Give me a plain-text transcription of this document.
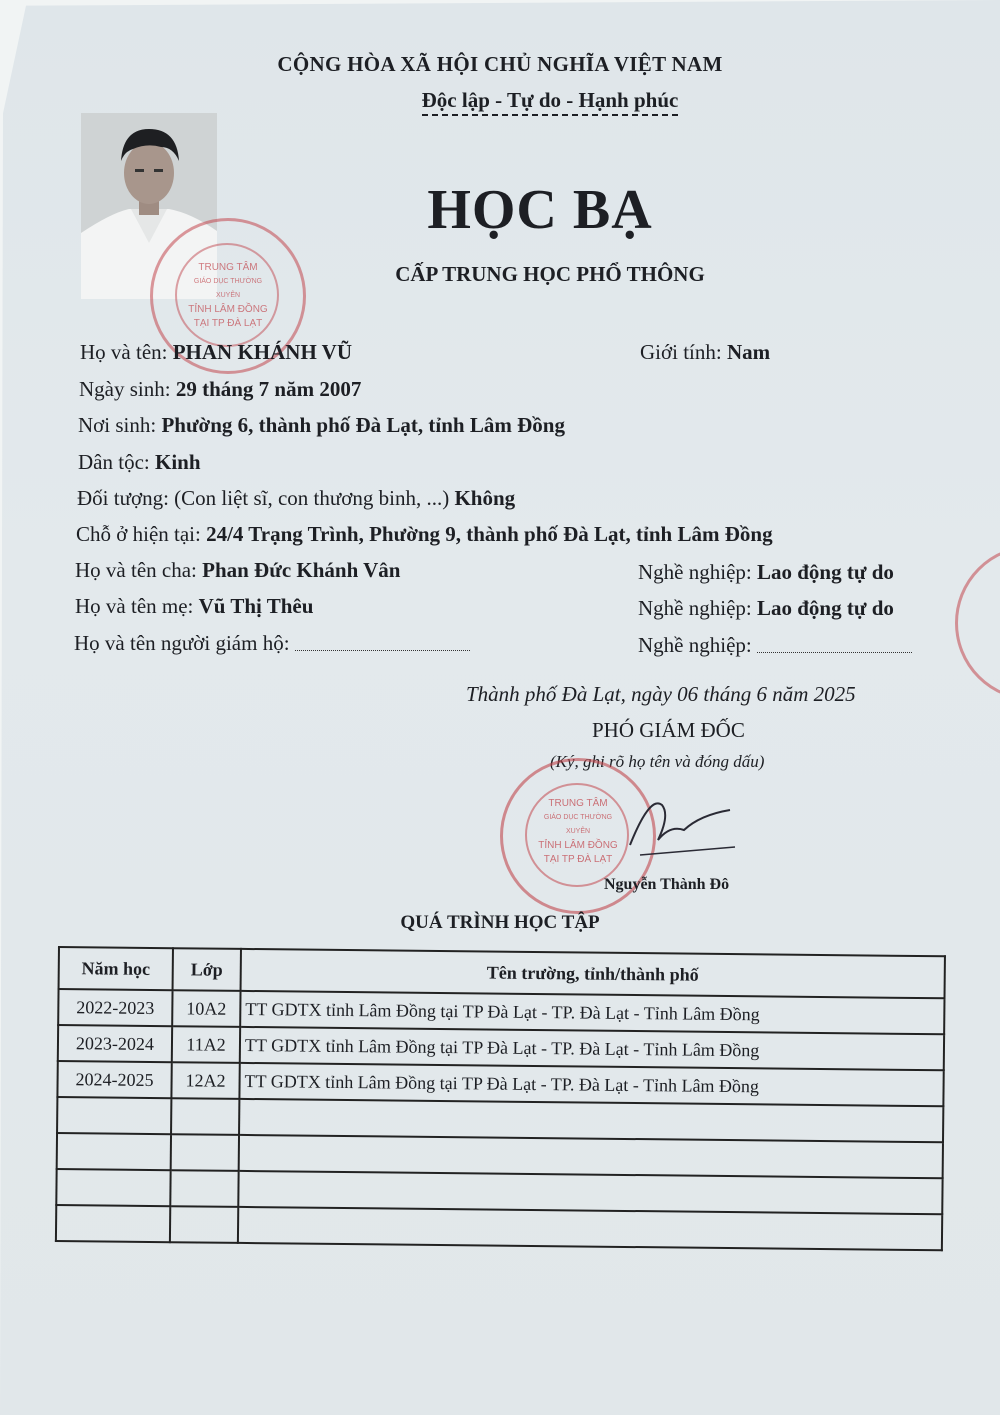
CỘNG HÒA XÃ HỘI CHỦ NGHĨA VIỆT NAM
Độc lập - Tự do - Hạnh phúc
TRUNG TÂM
GIÁO DỤC THƯỜNG XUYÊN
TỈNH LÂM ĐỒNG
TẠI TP ĐÀ LẠT
HỌC BẠ
CẤP TRUNG HỌC PHỔ THÔNG
Họ và tên: PHAN KHÁNH VŨ	Giới tính: Nam
Ngày sinh: 29 tháng 7 năm 2007
Nơi sinh: Phường 6, thành phố Đà Lạt, tỉnh Lâm Đồng
Dân tộc: Kinh
Đối tượng: (Con liệt sĩ, con thương binh, ...) Không
Chỗ ở hiện tại: 24/4 Trạng Trình, Phường 9, thành phố Đà Lạt, tỉnh Lâm Đồng
Họ và tên cha: Phan Đức Khánh Vân	Nghề nghiệp: Lao động tự do
Họ và tên mẹ: Vũ Thị Thêu	Nghề nghiệp: Lao động tự do
Họ và tên người giám hộ:	Nghề nghiệp:
Thành phố Đà Lạt, ngày 06 tháng 6 năm 2025
PHÓ GIÁM ĐỐC
(Ký, ghi rõ họ tên và đóng dấu)
TRUNG TÂM
GIÁO DỤC THƯỜNG XUYÊN
TỈNH LÂM ĐỒNG
TẠI TP ĐÀ LẠT
Nguyễn Thành Đô
QUÁ TRÌNH HỌC TẬP
Năm học	Lớp	Tên trường, tỉnh/thành phố
2022-2023	10A2	TT GDTX tỉnh Lâm Đồng tại TP Đà Lạt - TP. Đà Lạt - Tỉnh Lâm Đồng
2023-2024	11A2	TT GDTX tỉnh Lâm Đồng tại TP Đà Lạt - TP. Đà Lạt - Tỉnh Lâm Đồng
2024-2025	12A2	TT GDTX tỉnh Lâm Đồng tại TP Đà Lạt - TP. Đà Lạt - Tỉnh Lâm Đồng
